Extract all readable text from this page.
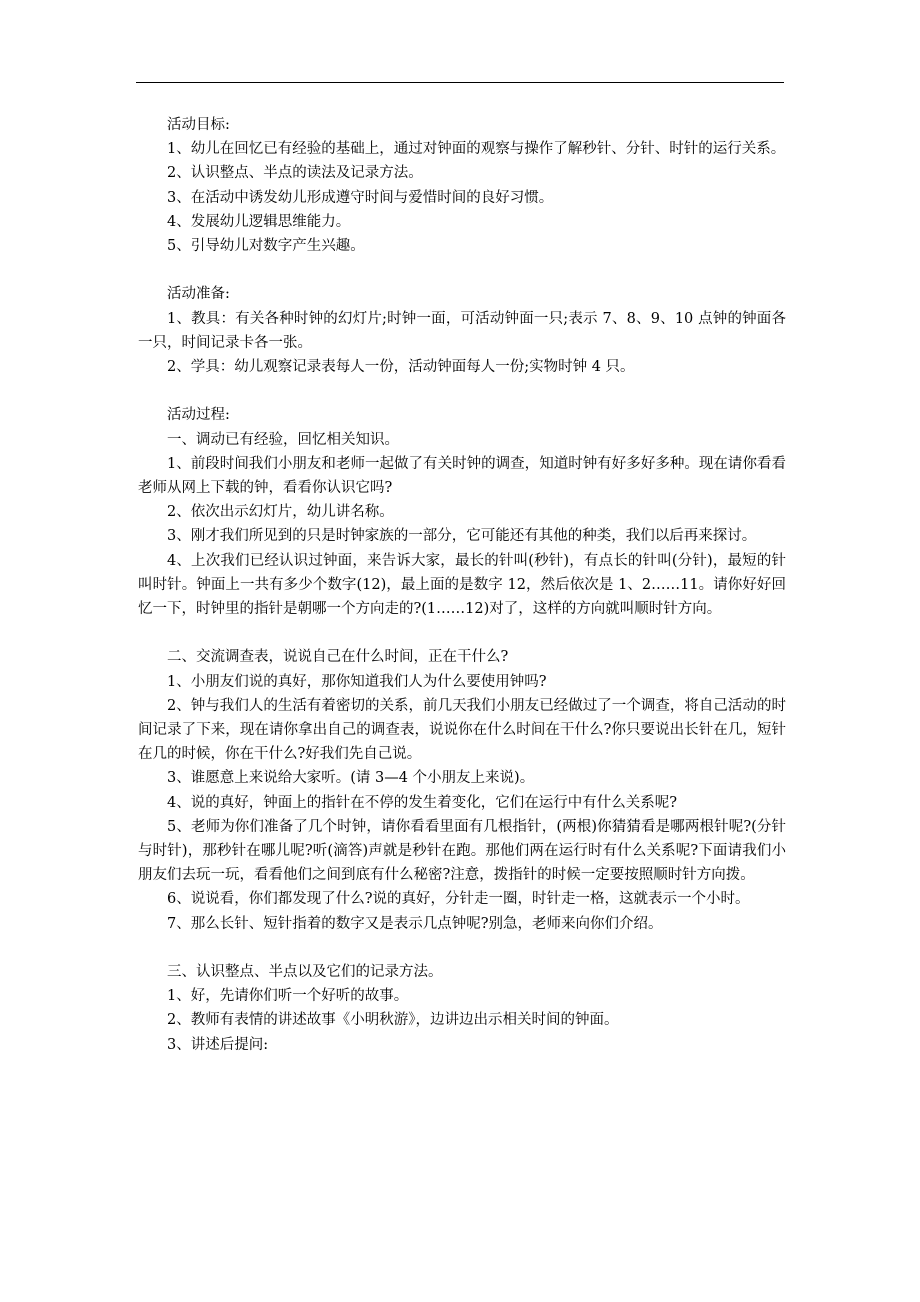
活动目标:

1、幼儿在回忆已有经验的基础上，通过对钟面的观察与操作了解秒针、分针、时针的运行关系。

2、认识整点、半点的读法及记录方法。

3、在活动中诱发幼儿形成遵守时间与爱惜时间的良好习惯。

4、发展幼儿逻辑思维能力。

5、引导幼儿对数字产生兴趣。

活动准备:

1、教具：有关各种时钟的幻灯片;时钟一面，可活动钟面一只;表示 7、8、9、10 点钟的钟面各一只，时间记录卡各一张。

2、学具：幼儿观察记录表每人一份，活动钟面每人一份;实物时钟 4 只。

活动过程:

一、调动已有经验，回忆相关知识。

1、前段时间我们小朋友和老师一起做了有关时钟的调查，知道时钟有好多好多种。现在请你看看老师从网上下载的钟，看看你认识它吗?

2、依次出示幻灯片，幼儿讲名称。

3、刚才我们所见到的只是时钟家族的一部分，它可能还有其他的种类，我们以后再来探讨。

4、上次我们已经认识过钟面，来告诉大家，最长的针叫(秒针)，有点长的针叫(分针)，最短的针叫时针。钟面上一共有多少个数字(12)，最上面的是数字 12，然后依次是 1、2……11。请你好好回忆一下，时钟里的指针是朝哪一个方向走的?(1……12)对了，这样的方向就叫顺时针方向。

二、交流调查表，说说自己在什么时间，正在干什么?

1、小朋友们说的真好，那你知道我们人为什么要使用钟吗?

2、钟与我们人的生活有着密切的关系，前几天我们小朋友已经做过了一个调查，将自己活动的时间记录了下来，现在请你拿出自己的调查表，说说你在什么时间在干什么?你只要说出长针在几，短针在几的时候，你在干什么?好我们先自己说。

3、谁愿意上来说给大家听。(请 3—4 个小朋友上来说)。

4、说的真好，钟面上的指针在不停的发生着变化，它们在运行中有什么关系呢?

5、老师为你们准备了几个时钟，请你看看里面有几根指针，(两根)你猜猜看是哪两根针呢?(分针与时针)，那秒针在哪儿呢?听(滴答)声就是秒针在跑。那他们两在运行时有什么关系呢?下面请我们小朋友们去玩一玩，看看他们之间到底有什么秘密?注意，拨指针的时候一定要按照顺时针方向拨。

6、说说看，你们都发现了什么?说的真好，分针走一圈，时针走一格，这就表示一个小时。

7、那么长针、短针指着的数字又是表示几点钟呢?别急，老师来向你们介绍。

三、认识整点、半点以及它们的记录方法。

1、好，先请你们听一个好听的故事。

2、教师有表情的讲述故事《小明秋游》，边讲边出示相关时间的钟面。

3、讲述后提问:
